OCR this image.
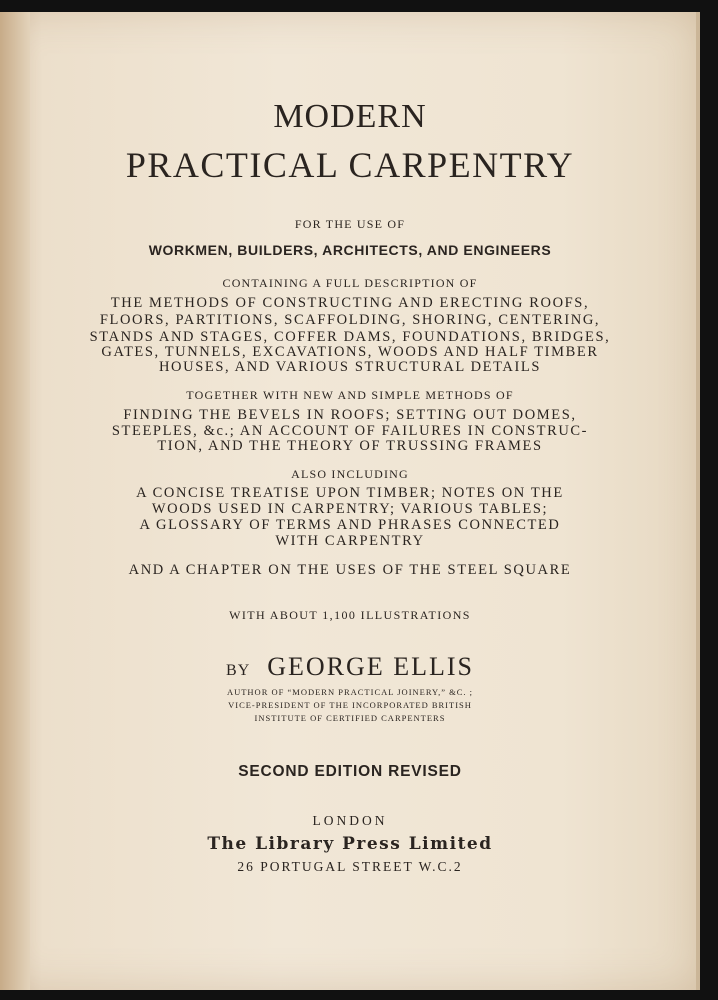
MODERN
PRACTICAL CARPENTRY
FOR THE USE OF
WORKMEN, BUILDERS, ARCHITECTS, AND ENGINEERS
CONTAINING A FULL DESCRIPTION OF
THE METHODS OF CONSTRUCTING AND ERECTING ROOFS,
FLOORS, PARTITIONS, SCAFFOLDING, SHORING, CENTERING,
STANDS AND STAGES, COFFER DAMS, FOUNDATIONS, BRIDGES,
GATES, TUNNELS, EXCAVATIONS, WOODS AND HALF TIMBER
HOUSES, AND VARIOUS STRUCTURAL DETAILS
TOGETHER WITH NEW AND SIMPLE METHODS OF
FINDING THE BEVELS IN ROOFS; SETTING OUT DOMES,
STEEPLES, &c.; AN ACCOUNT OF FAILURES IN CONSTRUC-
TION, AND THE THEORY OF TRUSSING FRAMES
ALSO INCLUDING
A CONCISE TREATISE UPON TIMBER; NOTES ON THE
WOODS USED IN CARPENTRY; VARIOUS TABLES;
A GLOSSARY OF TERMS AND PHRASES CONNECTED
WITH CARPENTRY
AND A CHAPTER ON THE USES OF THE STEEL SQUARE
WITH ABOUT 1,100 ILLUSTRATIONS
BY GEORGE ELLIS
AUTHOR OF “MODERN PRACTICAL JOINERY,” &C. ;
VICE-PRESIDENT OF THE INCORPORATED BRITISH
INSTITUTE OF CERTIFIED CARPENTERS
SECOND EDITION REVISED
LONDON
The Library Press Limited
26 PORTUGAL STREET W.C.2
